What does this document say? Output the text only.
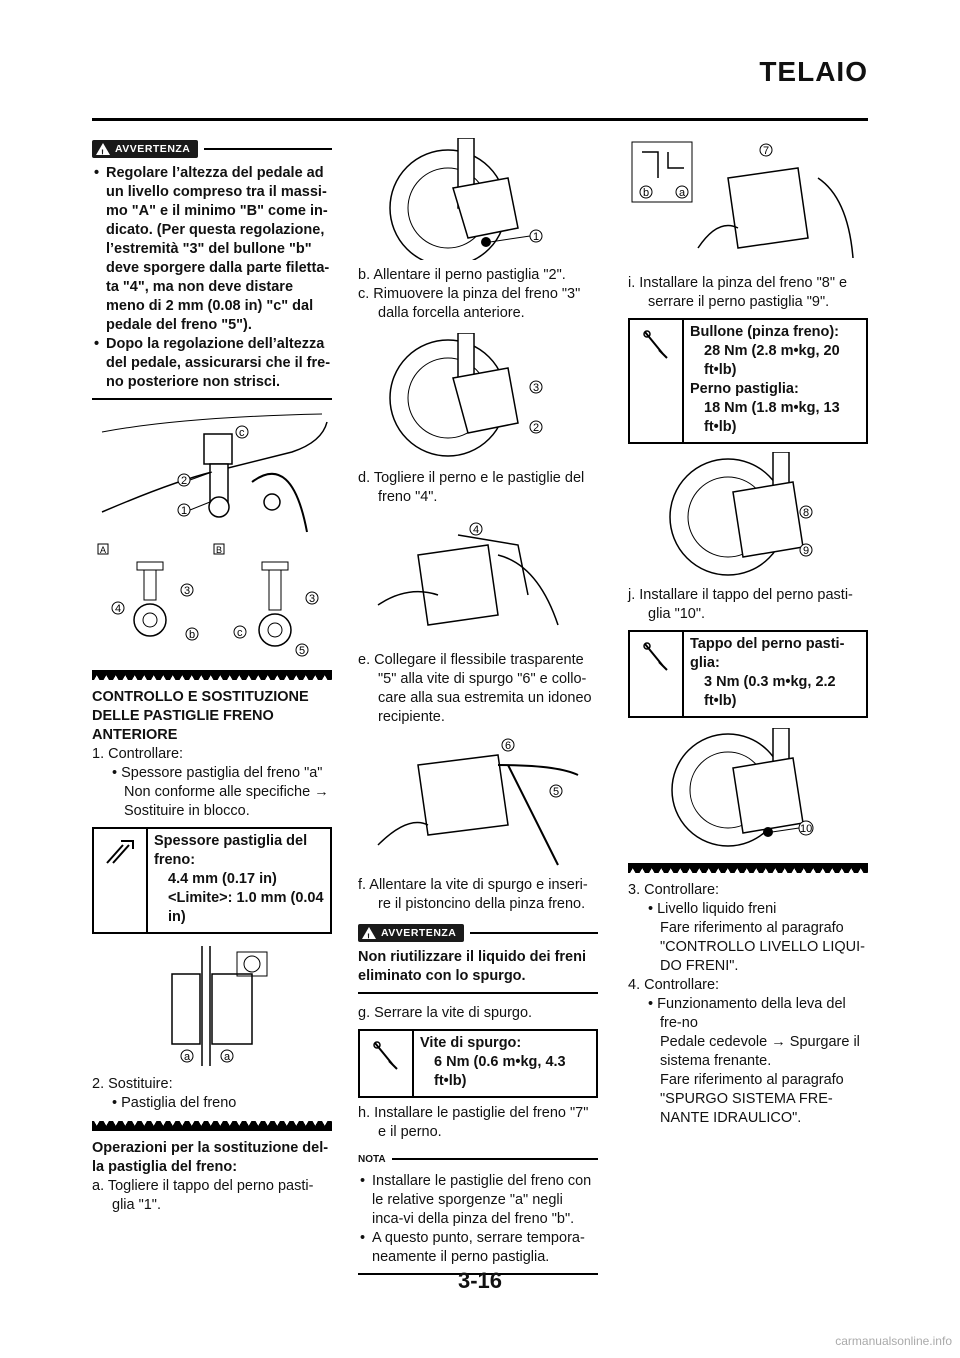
TELAIO
!
AVVERTENZA
• Regolare l’altezza del pedale ad un livello compreso tra il massi-mo "A" e il minimo "B" come in-dicato. (Per questa regolazione, l’estremità "3" del bullone "b" deve sporgere dalla parte filetta-ta "4", ma non deve distare meno di 2 mm (0.08 in) "c" dal pedale del freno "5").
• Dopo la regolazione dell’altezza del pedale, assicurarsi che il fre-no posteriore non strisci.
c
2
1
A	B
3
4
b
3
c
5
CONTROLLO E SOSTITUZIONE DELLE PASTIGLIE FRENO ANTERIORE
1. Controllare:
• Spessore pastiglia del freno "a"
Non conforme alle specifiche → Sostituire in blocco.
Spessore pastiglia del freno:
4.4 mm (0.17 in)
<Limite>: 1.0 mm (0.04 in)
a	a
2. Sostituire:
• Pastiglia del freno
Operazioni per la sostituzione del-la pastiglia del freno:
a. Togliere il tappo del perno pasti-glia "1".
1
b. Allentare il perno pastiglia "2".
c. Rimuovere la pinza del freno "3" dalla forcella anteriore.
3
2
d. Togliere il perno e le pastiglie del freno "4".
4
e. Collegare il flessibile trasparente "5" alla vite di spurgo "6" e collo-care alla sua estremita un idoneo recipiente.
6
5
f. Allentare la vite di spurgo e inseri-re il pistoncino della pinza freno.
!
AVVERTENZA
Non riutilizzare il liquido dei freni eliminato con lo spurgo.
g. Serrare la vite di spurgo.
Vite di spurgo:
6 Nm (0.6 m•kg, 4.3 ft•lb)
h. Installare le pastiglie del freno "7" e il perno.
NOTA
• Installare le pastiglie del freno con le relative sporgenze "a" negli inca-vi della pinza del freno "b".
• A questo punto, serrare tempora-neamente il perno pastiglia.
b	a
7
i. Installare la pinza del freno "8" e serrare il perno pastiglia "9".
Bullone (pinza freno):
28 Nm (2.8 m•kg, 20 ft•lb)
Perno pastiglia:
18 Nm (1.8 m•kg, 13 ft•lb)
8
9
j. Installare il tappo del perno pasti-glia "10".
Tappo del perno pasti-glia:
3 Nm (0.3 m•kg, 2.2 ft•lb)
10
3. Controllare:
• Livello liquido freni
Fare riferimento al paragrafo "CONTROLLO LIVELLO LIQUI-DO FRENI".
4. Controllare:
• Funzionamento della leva del fre-no
Pedale cedevole → Spurgare il sistema frenante.
Fare riferimento al paragrafo "SPURGO SISTEMA FRE-NANTE IDRAULICO".
3-16
carmanualsonline.info
